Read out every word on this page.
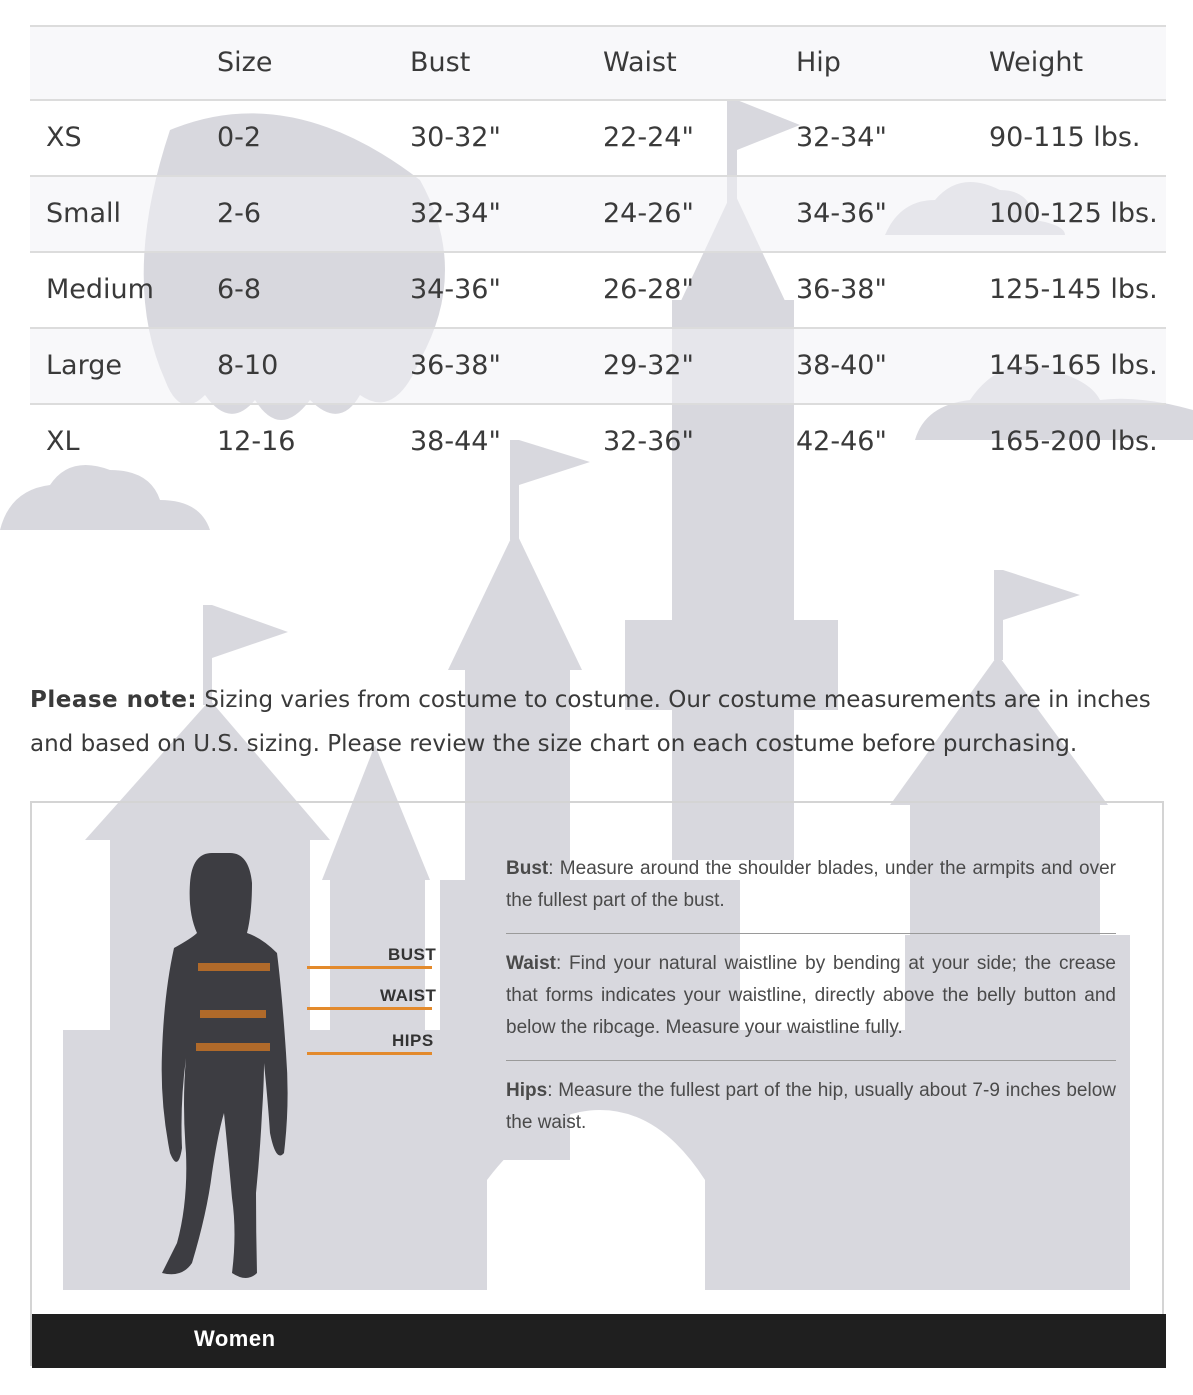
	Size	Bust	Waist	Hip	Weight
XS	0-2	30-32"	22-24"	32-34"	90-115 lbs.
Small	2-6	32-34"	24-26"	34-36"	100-125 lbs.
Medium	6-8	34-36"	26-28"	36-38"	125-145 lbs.
Large	8-10	36-38"	29-32"	38-40"	145-165 lbs.
XL	12-16	38-44"	32-36"	42-46"	165-200 lbs.
Please note: Sizing varies from costume to costume. Our costume measurements are in inches and based on U.S. sizing. Please review the size chart on each costume before purchasing.
BUST
WAIST
HIPS

Bust: Measure around the shoulder blades, under the armpits and over the fullest part of the bust.

Waist: Find your natural waistline by bending at your side; the crease that forms indicates your waistline, directly above the belly button and below the ribcage. Measure your waistline fully.

Hips: Measure the fullest part of the hip, usually about 7-9 inches below the waist.

Women
